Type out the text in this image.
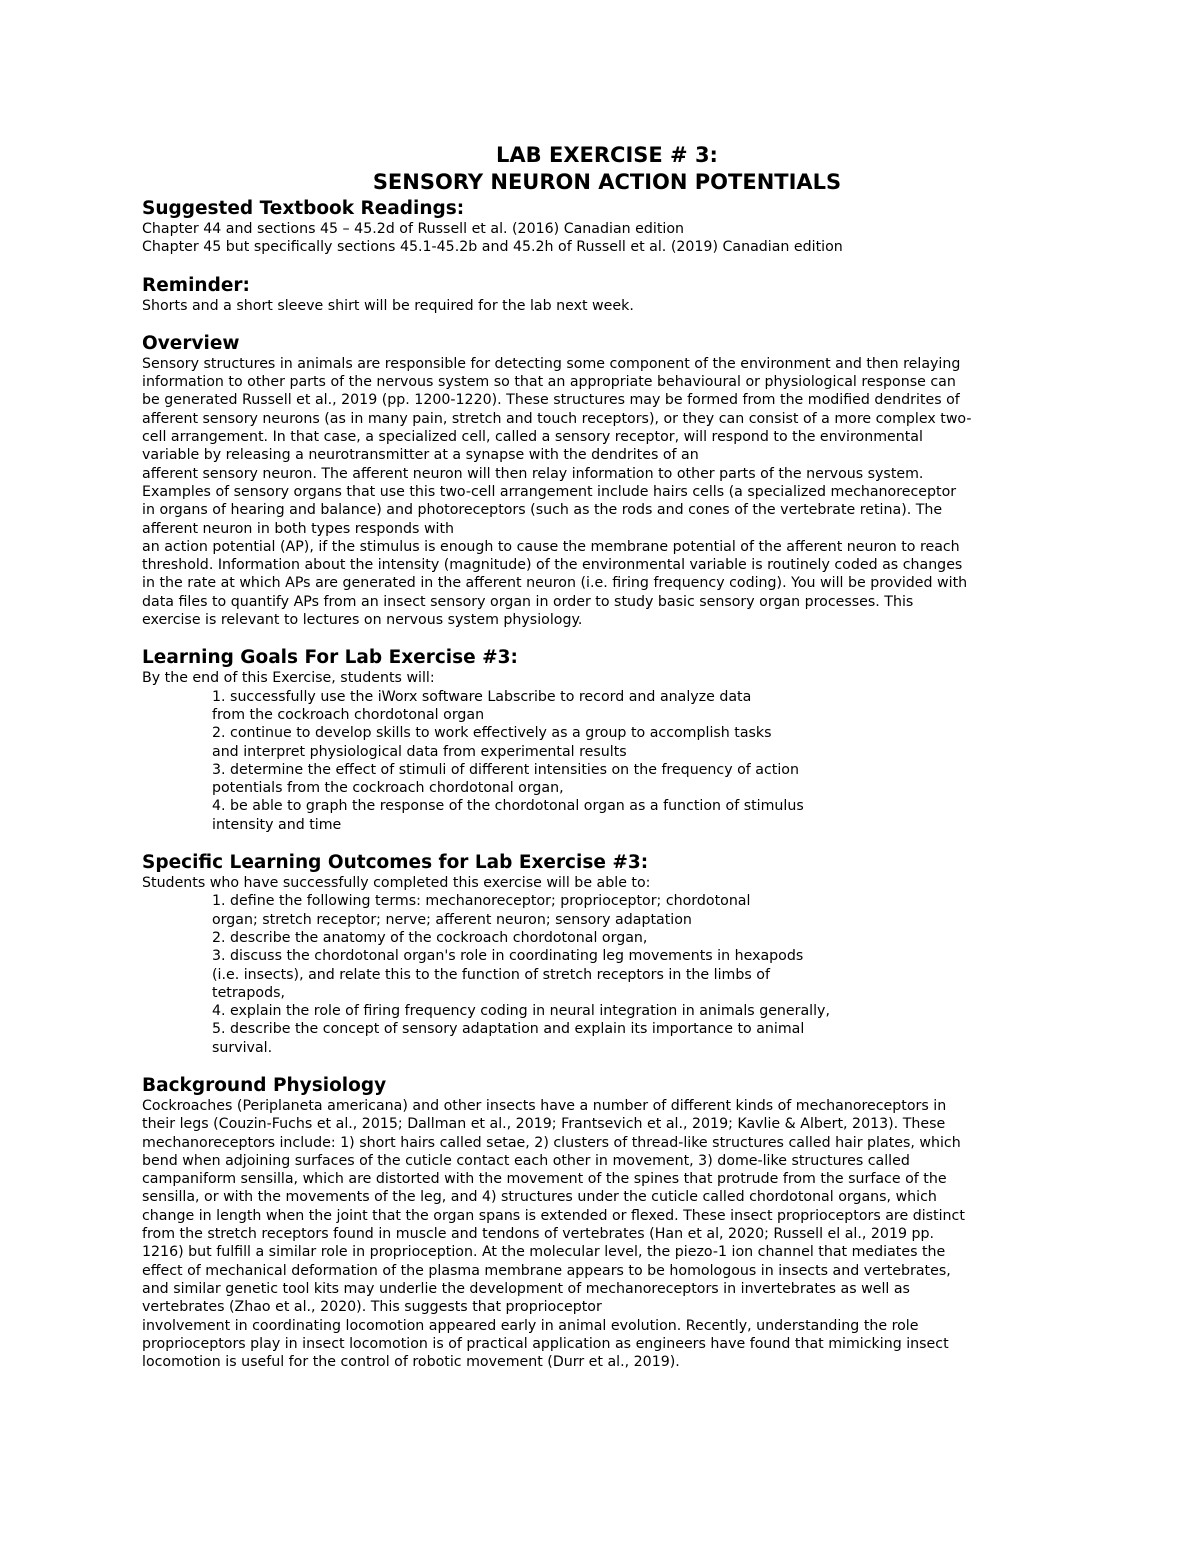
LAB EXERCISE # 3:
SENSORY NEURON ACTION POTENTIALS
Suggested Textbook Readings:
Chapter 44 and sections 45 – 45.2d of Russell et al. (2016) Canadian edition
Chapter 45 but specifically sections 45.1-45.2b and 45.2h of Russell et al. (2019) Canadian edition
Reminder:
Shorts and a short sleeve shirt will be required for the lab next week.
Overview
Sensory structures in animals are responsible for detecting some component of the environment and then relaying
information to other parts of the nervous system so that an appropriate behavioural or physiological response can
be generated Russell et al., 2019 (pp. 1200-1220). These structures may be formed from the modified dendrites of
afferent sensory neurons (as in many pain, stretch and touch receptors), or they can consist of a more complex two-
cell arrangement. In that case, a specialized cell, called a sensory receptor, will respond to the environmental
variable by releasing a neurotransmitter at a synapse with the dendrites of an
afferent sensory neuron. The afferent neuron will then relay information to other parts of the nervous system.
Examples of sensory organs that use this two-cell arrangement include hairs cells (a specialized mechanoreceptor
in organs of hearing and balance) and photoreceptors (such as the rods and cones of the vertebrate retina). The
afferent neuron in both types responds with
an action potential (AP), if the stimulus is enough to cause the membrane potential of the afferent neuron to reach
threshold. Information about the intensity (magnitude) of the environmental variable is routinely coded as changes
in the rate at which APs are generated in the afferent neuron (i.e. firing frequency coding). You will be provided with
data files to quantify APs from an insect sensory organ in order to study basic sensory organ processes. This
exercise is relevant to lectures on nervous system physiology.
Learning Goals For Lab Exercise #3:
By the end of this Exercise, students will:
1. successfully use the iWorx software Labscribe to record and analyze data
from the cockroach chordotonal organ
2. continue to develop skills to work effectively as a group to accomplish tasks
and interpret physiological data from experimental results
3. determine the effect of stimuli of different intensities on the frequency of action
potentials from the cockroach chordotonal organ,
4. be able to graph the response of the chordotonal organ as a function of stimulus
intensity and time
Specific Learning Outcomes for Lab Exercise #3:
Students who have successfully completed this exercise will be able to:
1. define the following terms: mechanoreceptor; proprioceptor; chordotonal
organ; stretch receptor; nerve; afferent neuron; sensory adaptation
2. describe the anatomy of the cockroach chordotonal organ,
3. discuss the chordotonal organ's role in coordinating leg movements in hexapods
(i.e. insects), and relate this to the function of stretch receptors in the limbs of
tetrapods,
4. explain the role of firing frequency coding in neural integration in animals generally,
5. describe the concept of sensory adaptation and explain its importance to animal
survival.
Background Physiology
Cockroaches (Periplaneta americana) and other insects have a number of different kinds of mechanoreceptors in
their legs (Couzin-Fuchs et al., 2015; Dallman et al., 2019; Frantsevich et al., 2019; Kavlie & Albert, 2013). These
mechanoreceptors include: 1) short hairs called setae, 2) clusters of thread-like structures called hair plates, which
bend when adjoining surfaces of the cuticle contact each other in movement, 3) dome-like structures called
campaniform sensilla, which are distorted with the movement of the spines that protrude from the surface of the
sensilla, or with the movements of the leg, and 4) structures under the cuticle called chordotonal organs, which
change in length when the joint that the organ spans is extended or flexed. These insect proprioceptors are distinct
from the stretch receptors found in muscle and tendons of vertebrates (Han et al, 2020; Russell el al., 2019 pp.
1216) but fulfill a similar role in proprioception. At the molecular level, the piezo-1 ion channel that mediates the
effect of mechanical deformation of the plasma membrane appears to be homologous in insects and vertebrates,
and similar genetic tool kits may underlie the development of mechanoreceptors in invertebrates as well as
vertebrates (Zhao et al., 2020). This suggests that proprioceptor
involvement in coordinating locomotion appeared early in animal evolution. Recently, understanding the role
proprioceptors play in insect locomotion is of practical application as engineers have found that mimicking insect
locomotion is useful for the control of robotic movement (Durr et al., 2019).
